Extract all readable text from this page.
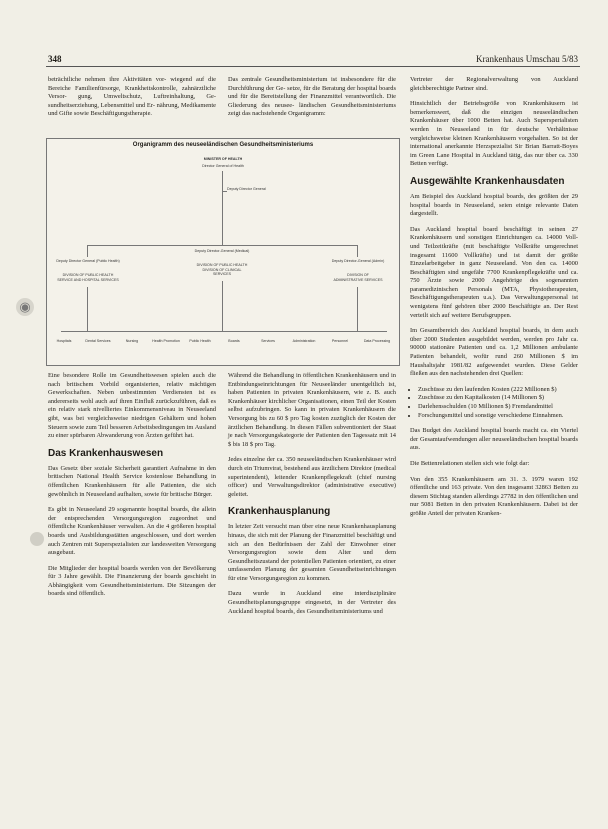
348	Krankenhaus Umschau 5/83
◉

beträchtliche nehmen ihre Aktivitäten vor- wiegend auf die Bereiche Familienfürsorge, Krankheitskontrolle, zahnärztliche Versor- gung, Umweltschutz, Luftreinhaltung, Ge- sundheitserziehung, Lebensmittel und Er- nährung, Medikamente und Gifte sowie Beschäftigungstherapie.

Das zentrale Gesundheitsministerium ist insbesondere für die Durchführung der Ge- setze, für die Beratung der hospital boards und für die Bereitstellung der Finanzmittel verantwortlich. Die Gliederung des neusee- ländischen Gesundheitsministeriums zeigt das nachstehende Organigramm:

Organigramm des neuseeländischen Gesundheitsministeriums
MINISTER OF HEALTH
Director General of Health
Deputy Director General
Deputy Director General (Public Health)
Deputy Director-General (Medical)
Deputy Director-General (Admin)
DIVISION OF PUBLIC HEALTH
SERVICE AND HOSPITAL SERVICES
DIVISION OF PUBLIC HEALTH
DIVISION OF CLINICAL
SERVICES	DIVISION OF
ADMINISTRATIVE SERVICES
Hospitals	Dental Services	Nursing	Health Promotion	Public Health	Boards	Services	Administration	Personnel	Data Processing

Eine besondere Rolle im Gesundheitswesen spielen auch die nach britischem Vorbild organisierten, relativ mächtigen Gewerkschaften. Neben unbestimmten Verdiensten ist es andererseits wohl auch auf ihren Einfluß zurückzuführen, daß es ein relativ stark nivelliertes Einkommensniveau in Neuseeland gibt, was bei vergleichsweise niedrigen Gehältern und hohen Steuern sowie zum Teil besseren Arbeitsbedingungen im Ausland zu einer spürbaren Abwanderung von Ärzten geführt hat.

Das Krankenhauswesen

Das Gesetz über soziale Sicherheit garantiert Aufnahme in den britischen National Health Service kostenlose Behandlung in öffentlichen Krankenhäusern für alle Patienten, die sich gewöhnlich in Neuseeland aufhalten, sowie für britische Bürger.

Es gibt in Neuseeland 29 sogenannte hospital boards, die allein der entsprechenden Versorgungsregion zugeordnet und öffentliche Krankenhäuser verwalten. An die 4 größeren hospital boards und Ausbildungsstätten angeschlossen, und dort werden auch Zentren mit Superspezialisten zur landesweiten Versorgung ausgebaut.

Die Mitglieder der hospital boards werden von der Bevölkerung für 3 Jahre gewählt. Die Finanzierung der boards geschieht in Abhängigkeit vom Gesundheitsministerium. Die Sitzungen der boards sind öffentlich.

Während die Behandlung in öffentlichen Krankenhäusern und in Entbindungseinrichtungen für Neuseeländer unentgeltlich ist, haben Patienten in privaten Krankenhäusern, wie z. B. auch Krankenhäuser kirchlicher Organisationen, einen Teil der Kosten selbst aufzubringen. So kann in privaten Krankenhäusern die Versorgung bis zu 60 $ pro Tag kosten zuzüglich der Kosten der ärztlichen Behandlung. In diesen Fällen subventioniert der Staat je nach Versorgungskategorie der Patienten den Tagessatz mit 14 $ bis 18 $ pro Tag.

Jedes einzelne der ca. 350 neuseeländischen Krankenhäuser wird durch ein Triumvirat, bestehend aus ärztlichem Direktor (medical superintendent), leitender Krankenpflegekraft (chief nursing officer) und Verwaltungsdirektor (administrative executive) geleitet.

Krankenhausplanung

In letzter Zeit versucht man über eine neue Krankenhausplanung hinaus, die sich mit der Planung der Finanzmittel beschäftigt und sich an den Bedürfnissen der Zahl der Einwohner einer Versorgungsregion sowie dem Alter und dem Gesundheitszustand der potentiellen Patienten orientiert, zu einer umfassenden Planung der gesamten Gesundheitseinrichtungen für eine Versorgungsregion zu kommen.

Dazu wurde in Auckland eine interdisziplinäre Gesundheitsplanungsgruppe eingesetzt, in der Vertreter des Auckland hospital boards, des Gesundheitsministeriums und

Vertreter der Regionalverwaltung von Auckland gleichberechtigte Partner sind.

Hinsichtlich der Betriebsgröße von Krankenhäusern ist bemerkenswert, daß die einzigen neuseeländischen Krankenhäuser über 1000 Betten hat. Auch Supersperialisten werden in Neuseeland in für deutsche Verhältnisse vergleichsweise kleinen Krankenhäusern vorgehalten. So ist der international anerkannte Herzspezialist Sir Brian Barratt-Boyes im Green Lane Hospital in Auckland tätig, das nur über ca. 330 Betten verfügt.

Ausgewählte Krankenhausdaten

Am Beispiel des Auckland hospital boards, des größten der 29 hospital boards in Neuseeland, seien einige relevante Daten dargestellt.

Das Auckland hospital board beschäftigt in seinen 27 Krankenhäusern und sonstigen Einrichtungen ca. 14000 Voll- und Teilzeitkräfte (mit beschäftigte Vollkräfte umgerechnet insgesamt 11600 Vollkräfte) und ist damit der größte Einzelarbeitgeber in ganz Neuseeland. Von den ca. 14000 Beschäftigten sind ungefähr 7700 Krankenpflegekräfte und ca. 750 Ärzte sowie 2000 Angehörige des sogenannten paramedizinischen Personals (MTA, Physiotherapeuten, Beschäftigungstherapeuten u.a.). Das Verwaltungspersonal ist wenigstens fünf gehören über 2000 Beschäftigte an. Der Rest verteilt sich auf weitere Berufsgruppen.

Im Gesamtbereich des Auckland hospital boards, in dem auch über 2000 Studenten ausgebildet werden, werden pro Jahr ca. 90000 stationäre Patienten und ca. 1,2 Millionen ambulante Patienten behandelt, wofür rund 260 Millionen $ im Haushaltsjahr 1981/82 aufgewendet wurden. Diese Gelder fließen aus den nachstehenden drei Quellen:

• Zuschüsse zu den laufenden Kosten (222 Millionen $)
• Zuschüsse zu den Kapitalkosten (14 Millionen $)
• Darlehensschulden (10 Millionen $) Fremdandmittel
• Forschungsmittel und sonstige verschiedene Einnahmen.

Das Budget des Auckland hospital boards macht ca. ein Viertel der Gesamtaufwendungen aller neuseeländischen hospital boards aus.

Die Bettenrelationen stellen sich wie folgt dar:

Von den 355 Krankenhäusern am 31. 3. 1979 waren 192 öffentliche und 163 private. Von den insgesamt 32863 Betten zu diesem Stichtag standen allerdings 27782 in den öffentlichen und nur 5081 Betten in den privaten Krankenhäusern. Dabei ist der größte Anteil der privaten Kranken-
